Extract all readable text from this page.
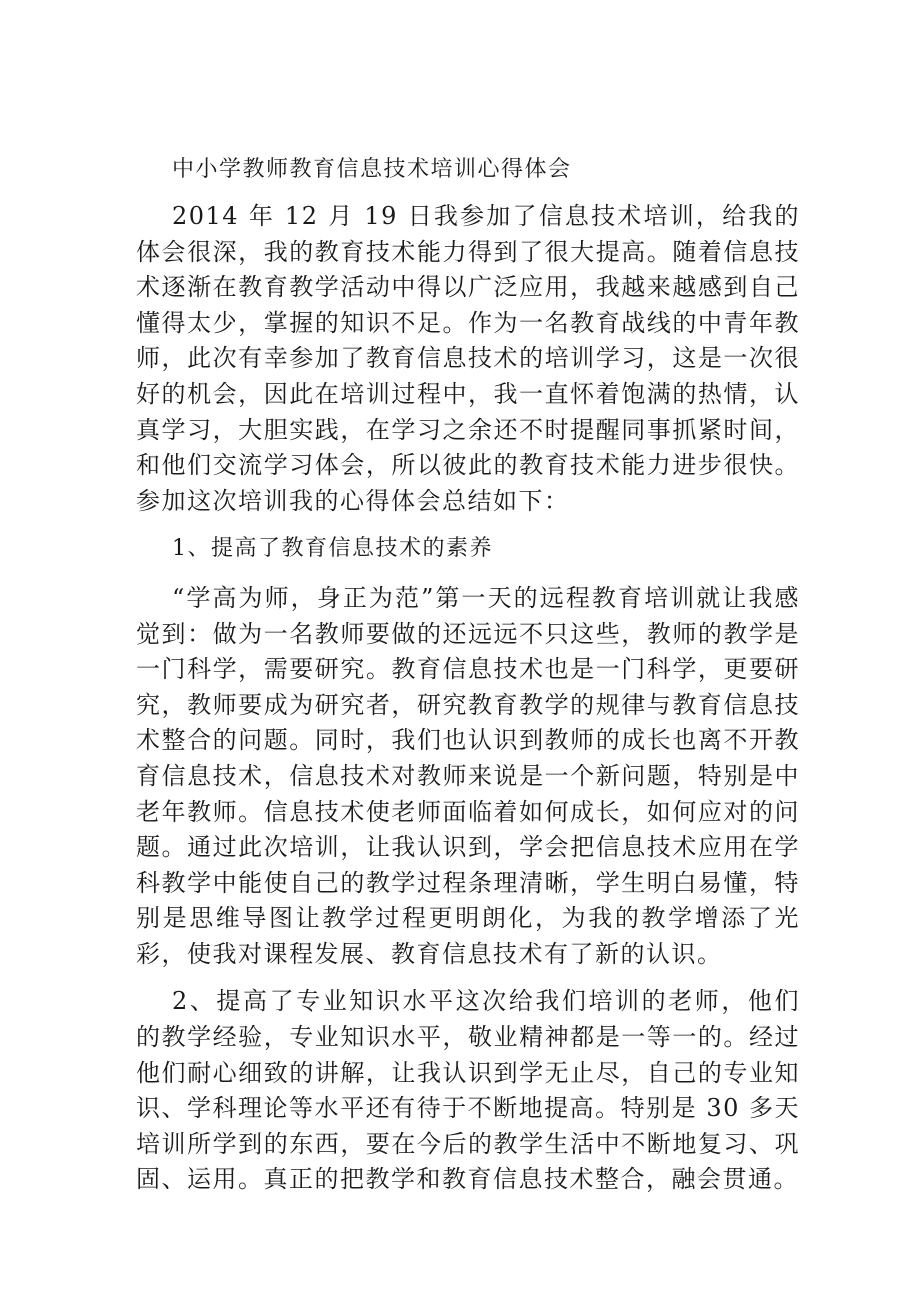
中小学教师教育信息技术培训心得体会

2014 年 12 月 19 日我参加了信息技术培训，给我的体会很深，我的教育技术能力得到了很大提高。随着信息技术逐渐在教育教学活动中得以广泛应用，我越来越感到自己懂得太少，掌握的知识不足。作为一名教育战线的中青年教师，此次有幸参加了教育信息技术的培训学习，这是一次很好的机会，因此在培训过程中，我一直怀着饱满的热情，认真学习，大胆实践，在学习之余还不时提醒同事抓紧时间，和他们交流学习体会，所以彼此的教育技术能力进步很快。参加这次培训我的心得体会总结如下：

1、提高了教育信息技术的素养

“学高为师，身正为范”第一天的远程教育培训就让我感觉到：做为一名教师要做的还远远不只这些，教师的教学是一门科学，需要研究。教育信息技术也是一门科学，更要研究，教师要成为研究者，研究教育教学的规律与教育信息技术整合的问题。同时，我们也认识到教师的成长也离不开教育信息技术，信息技术对教师来说是一个新问题，特别是中老年教师。信息技术使老师面临着如何成长，如何应对的问题。通过此次培训，让我认识到，学会把信息技术应用在学科教学中能使自己的教学过程条理清晰，学生明白易懂，特别是思维导图让教学过程更明朗化，为我的教学增添了光彩，使我对课程发展、教育信息技术有了新的认识。

2、提高了专业知识水平这次给我们培训的老师，他们的教学经验，专业知识水平，敬业精神都是一等一的。经过他们耐心细致的讲解，让我认识到学无止尽，自己的专业知识、学科理论等水平还有待于不断地提高。特别是 30 多天培训所学到的东西，要在今后的教学生活中不断地复习、巩固、运用。真正的把教学和教育信息技术整合，融会贯通。
